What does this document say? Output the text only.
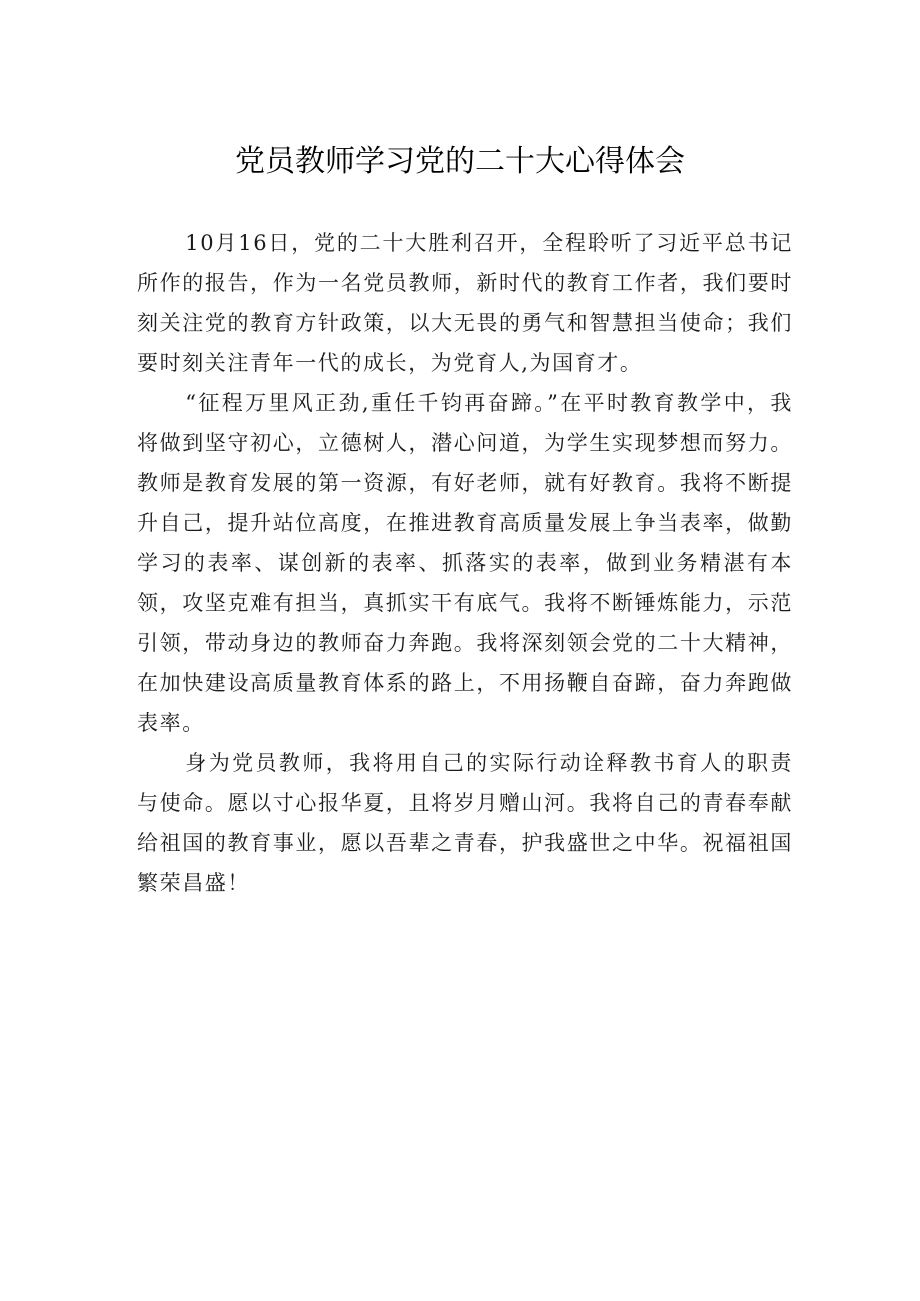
党员教师学习党的二十大心得体会

10月16日，党的二十大胜利召开，全程聆听了习近平总书记所作的报告，作为一名党员教师，新时代的教育工作者，我们要时刻关注党的教育方针政策，以大无畏的勇气和智慧担当使命；我们要时刻关注青年一代的成长，为党育人,为国育才。

“征程万里风正劲,重任千钧再奋蹄。”在平时教育教学中，我将做到坚守初心，立德树人，潜心问道，为学生实现梦想而努力。教师是教育发展的第一资源，有好老师，就有好教育。我将不断提升自己，提升站位高度，在推进教育高质量发展上争当表率，做勤学习的表率、谋创新的表率、抓落实的表率，做到业务精湛有本领，攻坚克难有担当，真抓实干有底气。我将不断锤炼能力，示范引领，带动身边的教师奋力奔跑。我将深刻领会党的二十大精神，在加快建设高质量教育体系的路上，不用扬鞭自奋蹄，奋力奔跑做表率。

身为党员教师，我将用自己的实际行动诠释教书育人的职责与使命。愿以寸心报华夏，且将岁月赠山河。我将自己的青春奉献给祖国的教育事业，愿以吾辈之青春，护我盛世之中华。祝福祖国繁荣昌盛！
